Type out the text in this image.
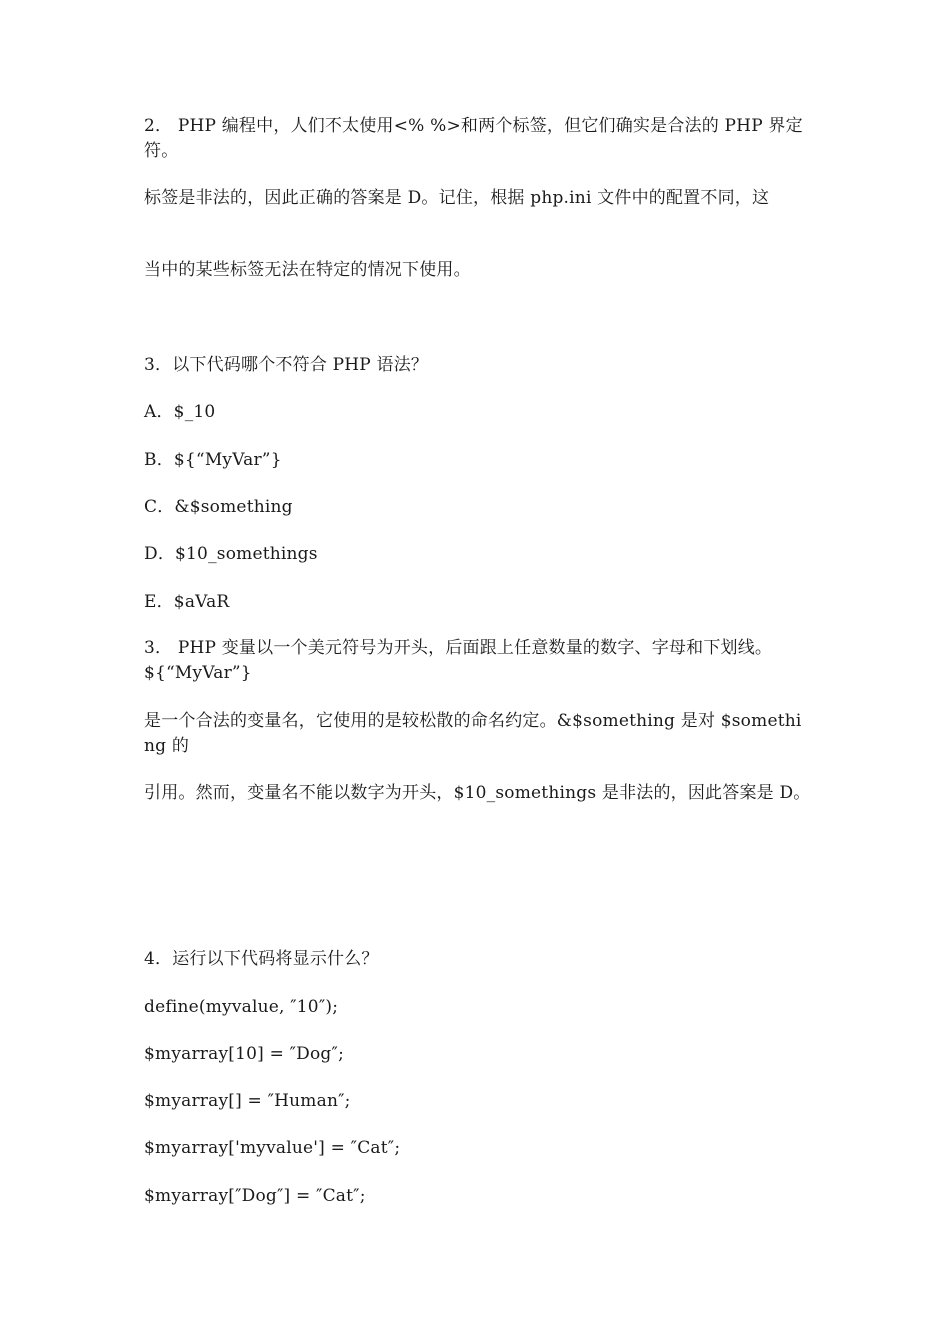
2． PHP 编程中，人们不太使用<% %>和两个标签，但它们确实是合法的 PHP 界定符。
标签是非法的，因此正确的答案是 D。记住，根据 php.ini 文件中的配置不同，这
当中的某些标签无法在特定的情况下使用。
3．以下代码哪个不符合 PHP 语法？
A．$_10
B．${“MyVar”}
C．&$something
D．$10_somethings
E．$aVaR
3． PHP 变量以一个美元符号为开头，后面跟上任意数量的数字、字母和下划线。${“MyVar”}
是一个合法的变量名，它使用的是较松散的命名约定。&$something 是对 $something 的
引用。然而，变量名不能以数字为开头，$10_somethings 是非法的，因此答案是 D。
4．运行以下代码将显示什么？
define(myvalue, ″10″);
$myarray[10] = ″Dog″;
$myarray[] = ″Human″;
$myarray['myvalue'] = ″Cat″;
$myarray[″Dog″] = ″Cat″;
